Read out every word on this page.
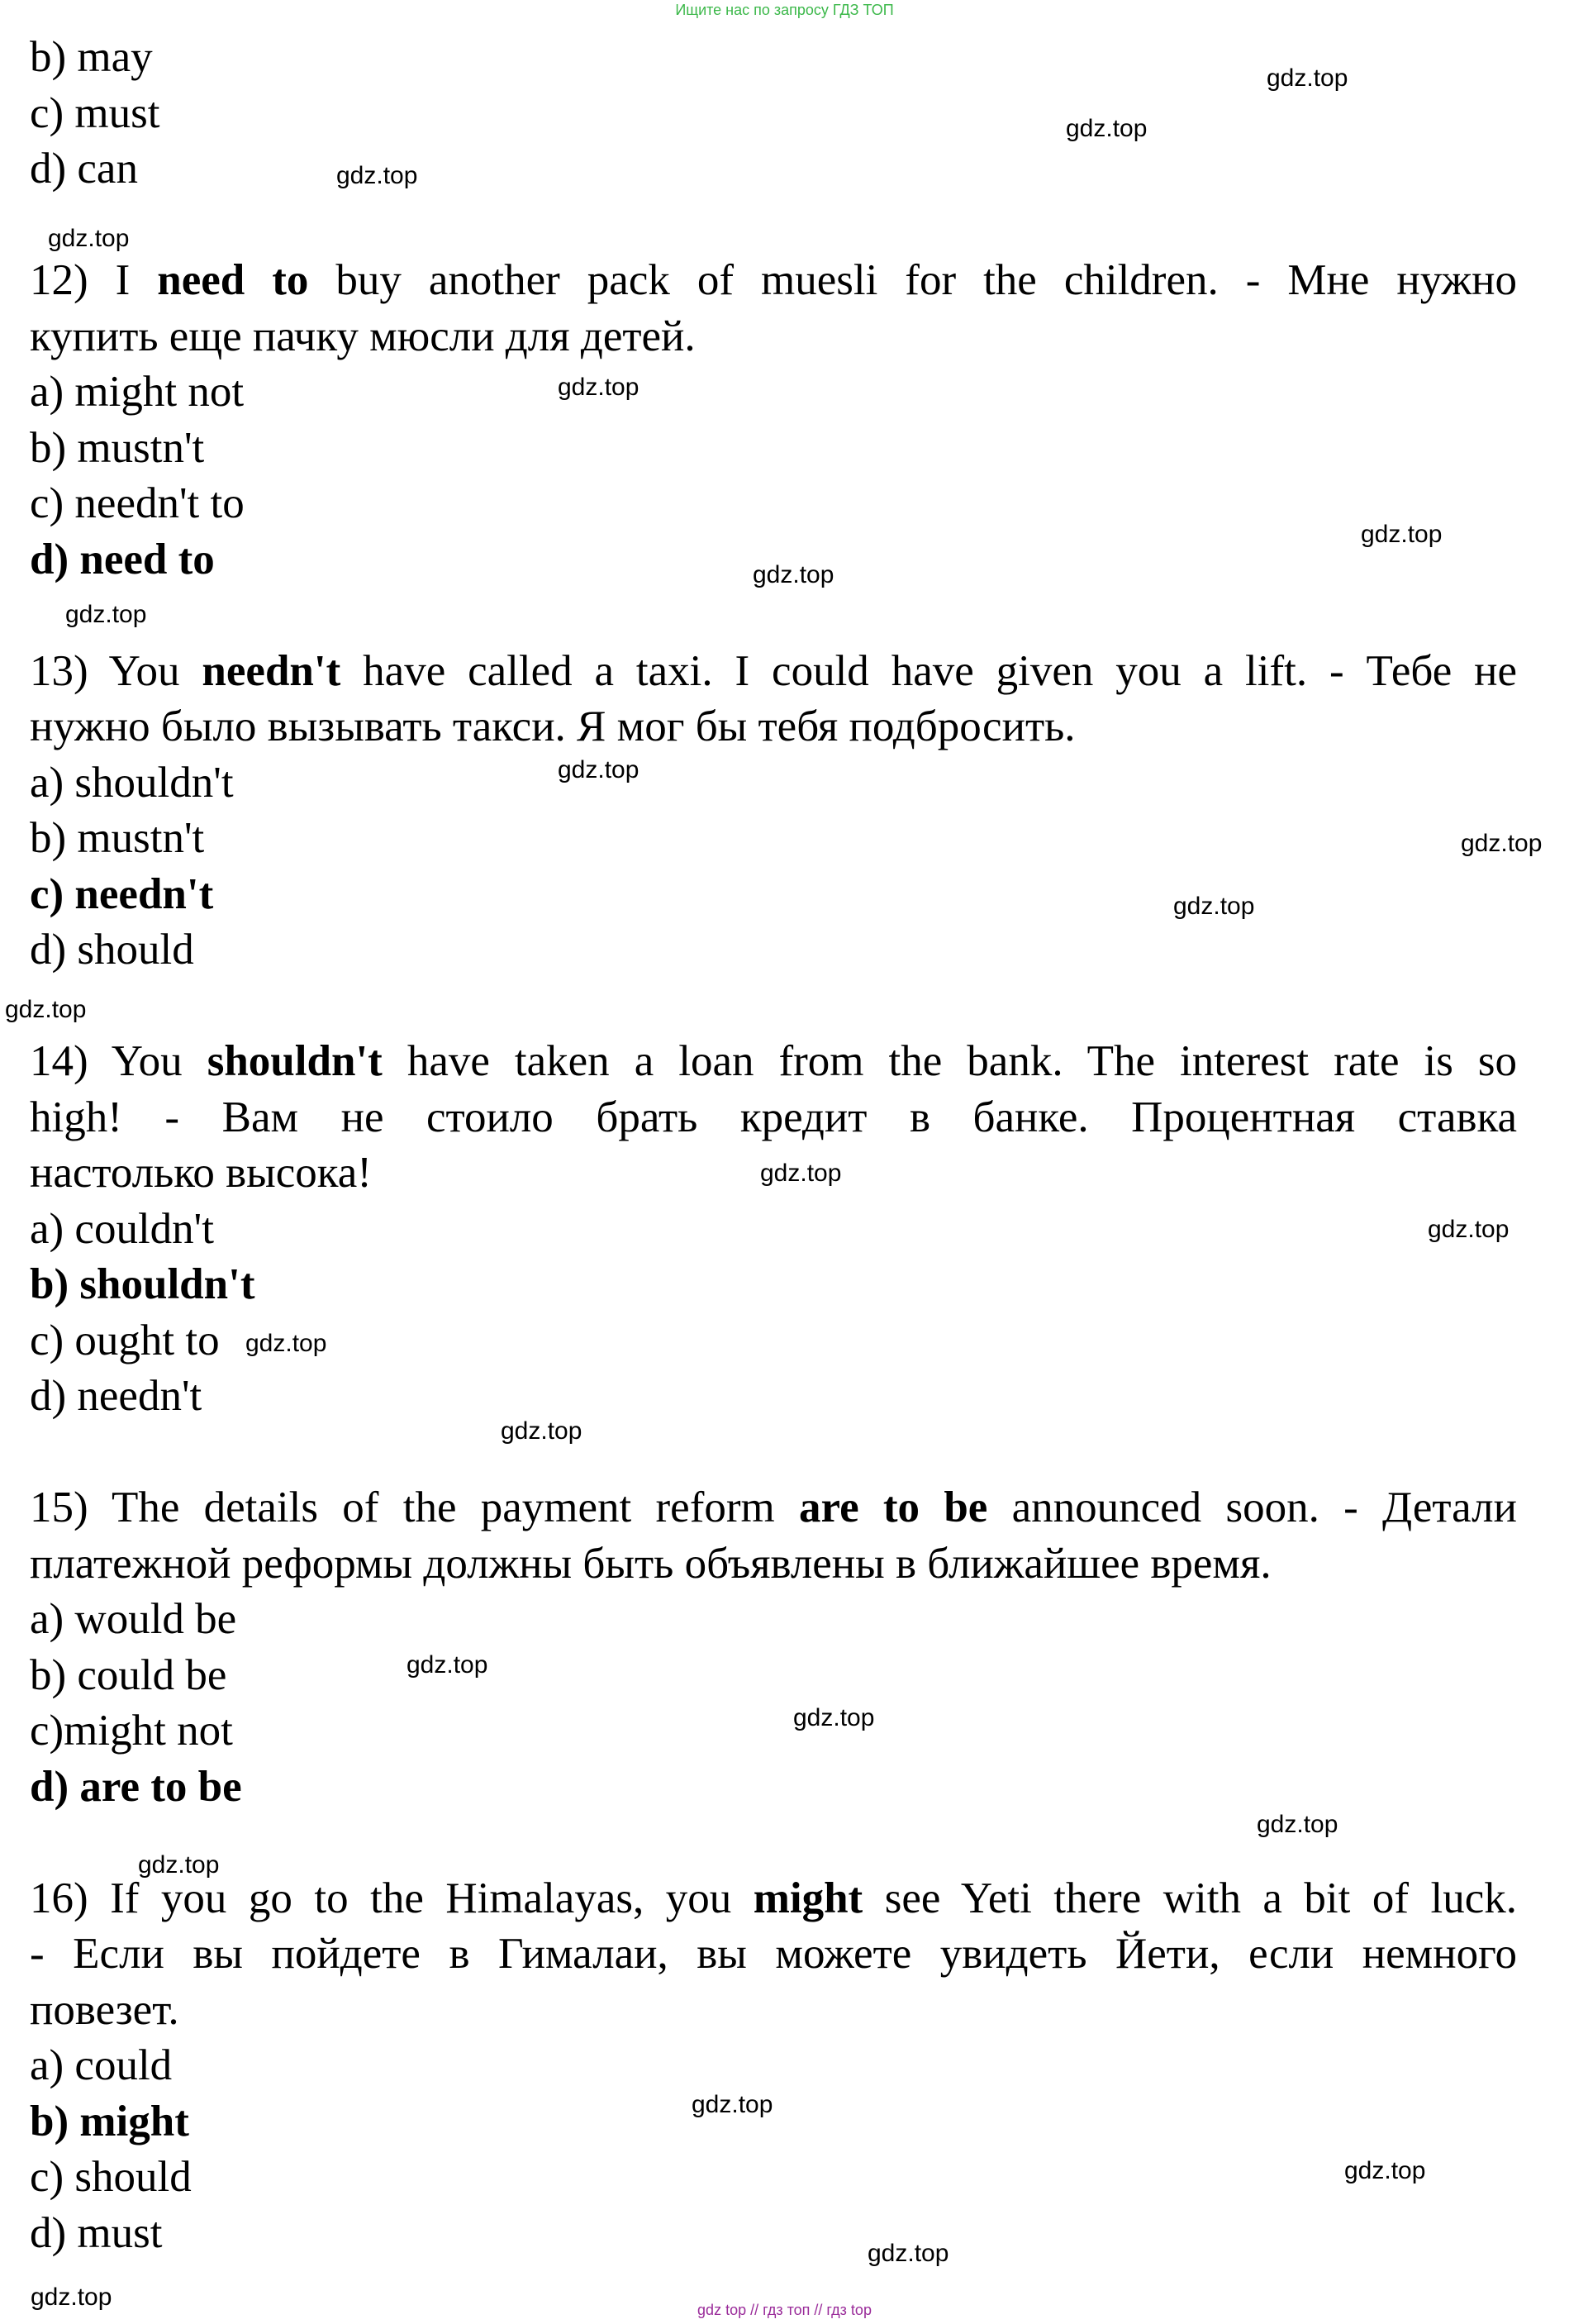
Ищите нас по запросу ГДЗ ТОП
b) may
c) must
d) can
12) I need to buy another pack of muesli for the children. - Мне нужно
купить еще пачку мюсли для детей.
a) might not
b) mustn't
c) needn't to
d) need to
13) You needn't have called a taxi. I could have given you a lift. - Тебе не
нужно было вызывать такси. Я мог бы тебя подбросить.
a) shouldn't
b) mustn't
c) needn't
d) should
14) You shouldn't have taken a loan from the bank. The interest rate is so
high! - Вам не стоило брать кредит в банке. Процентная ставка
настолько высока!
a) couldn't
b) shouldn't
c) ought to
d) needn't
15) The details of the payment reform are to be announced soon. - Детали
платежной реформы должны быть объявлены в ближайшее время.
a) would be
b) could be
c)might not
d) are to be
16) If you go to the Himalayas, you might see Yeti there with a bit of luck.
- Если вы пойдете в Гималаи, вы можете увидеть Йети, если немного
повезет.
a) could
b) might
c) should
d) must
gdz.top
gdz.top
gdz.top
gdz.top
gdz.top
gdz.top
gdz.top
gdz.top
gdz.top
gdz.top
gdz.top
gdz.top
gdz.top
gdz.top
gdz.top
gdz.top
gdz.top
gdz.top
gdz.top
gdz.top
gdz.top
gdz.top
gdz.top
gdz.top	gdz top // гдз топ // гдз top
